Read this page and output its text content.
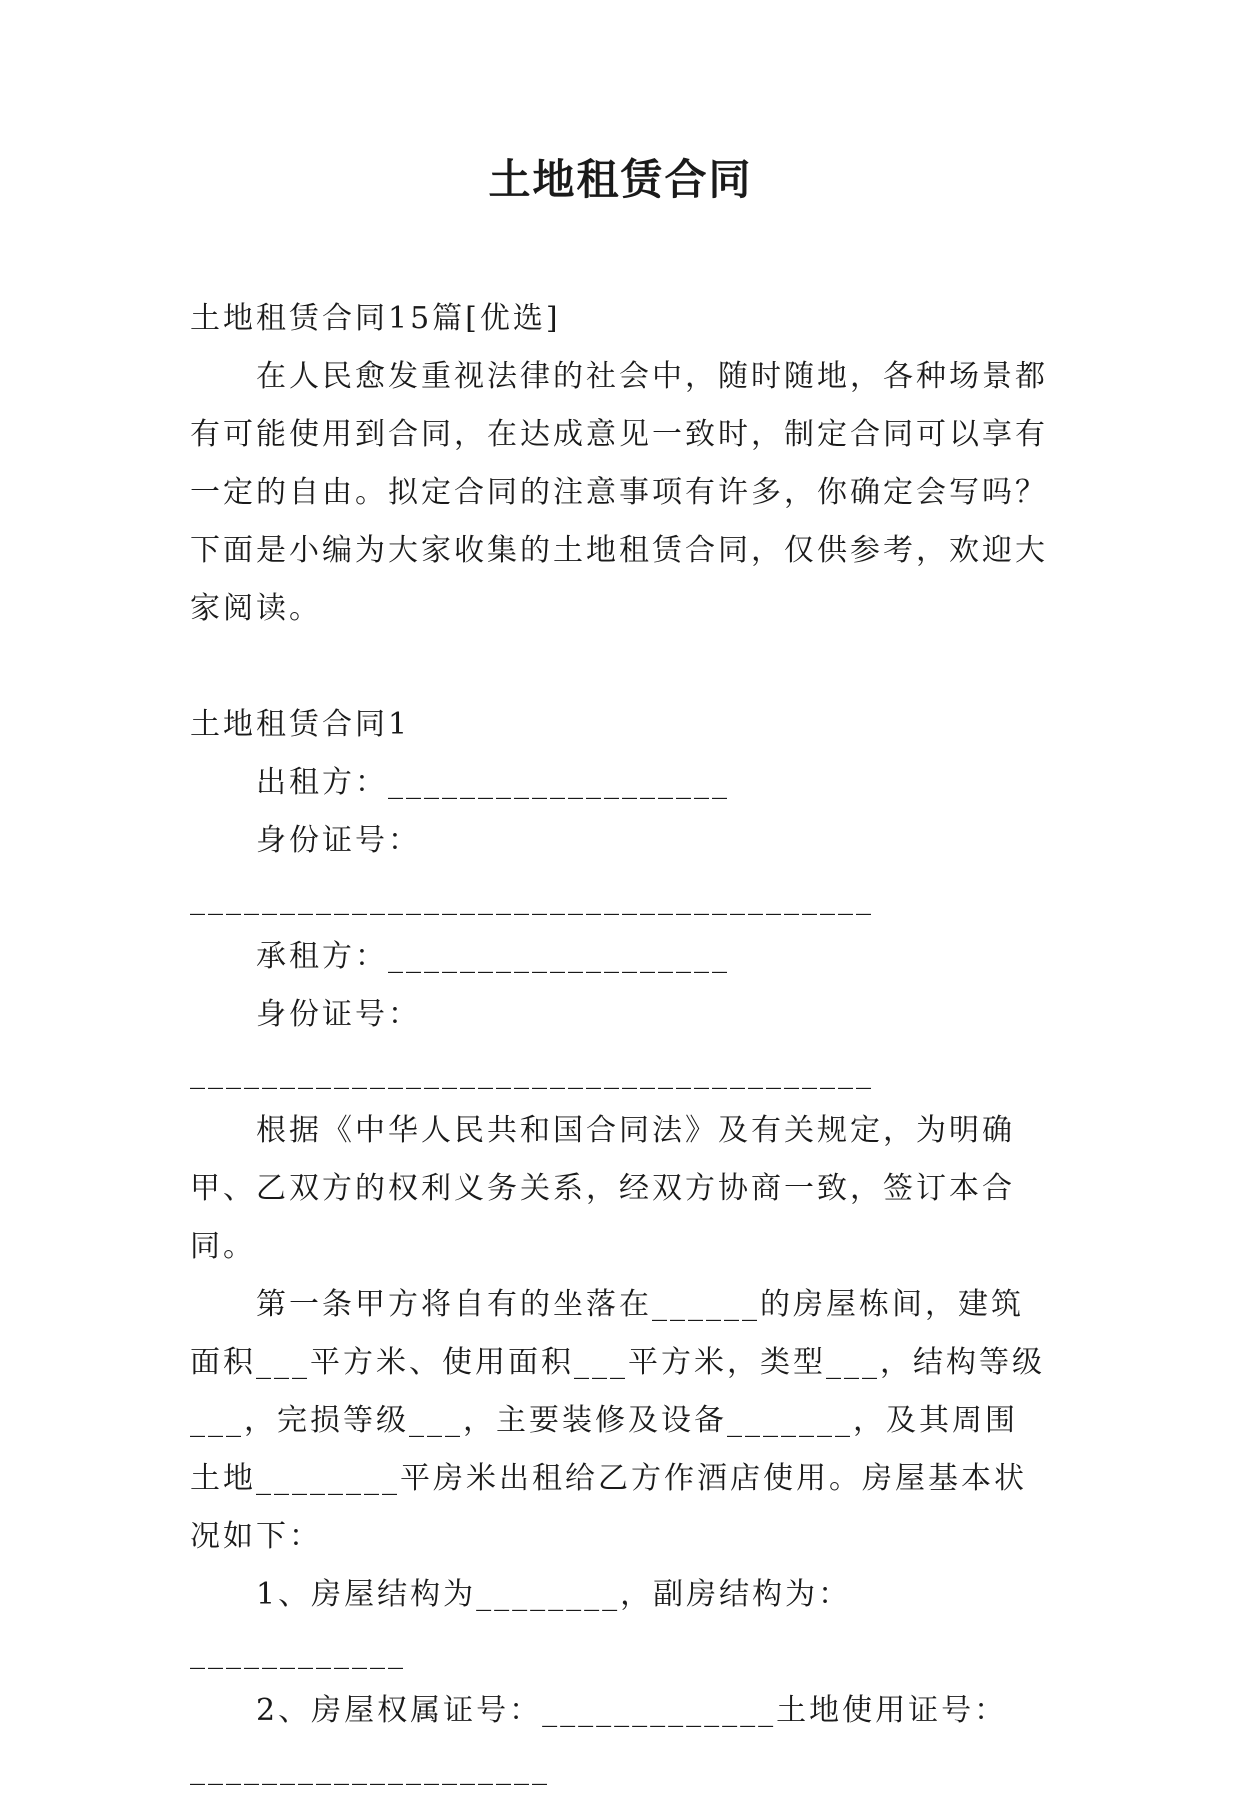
土地租赁合同

土地租赁合同15篇[优选]

在人民愈发重视法律的社会中，随时随地，各种场景都有可能使用到合同，在达成意见一致时，制定合同可以享有一定的自由。拟定合同的注意事项有许多，你确定会写吗？下面是小编为大家收集的土地租赁合同，仅供参考，欢迎大家阅读。

土地租赁合同1

出租方：___________________

身份证号：______________________________________

承租方：___________________

身份证号：______________________________________

根据《中华人民共和国合同法》及有关规定，为明确甲、乙双方的权利义务关系，经双方协商一致，签订本合同。

第一条甲方将自有的坐落在______的房屋栋间，建筑面积___平方米、使用面积___平方米，类型___，结构等级___，完损等级___，主要装修及设备_______，及其周围土地________平房米出租给乙方作酒店使用。房屋基本状况如下：

1、房屋结构为________，副房结构为：____________

2、房屋权属证号：_____________土地使用证号：

____________________
